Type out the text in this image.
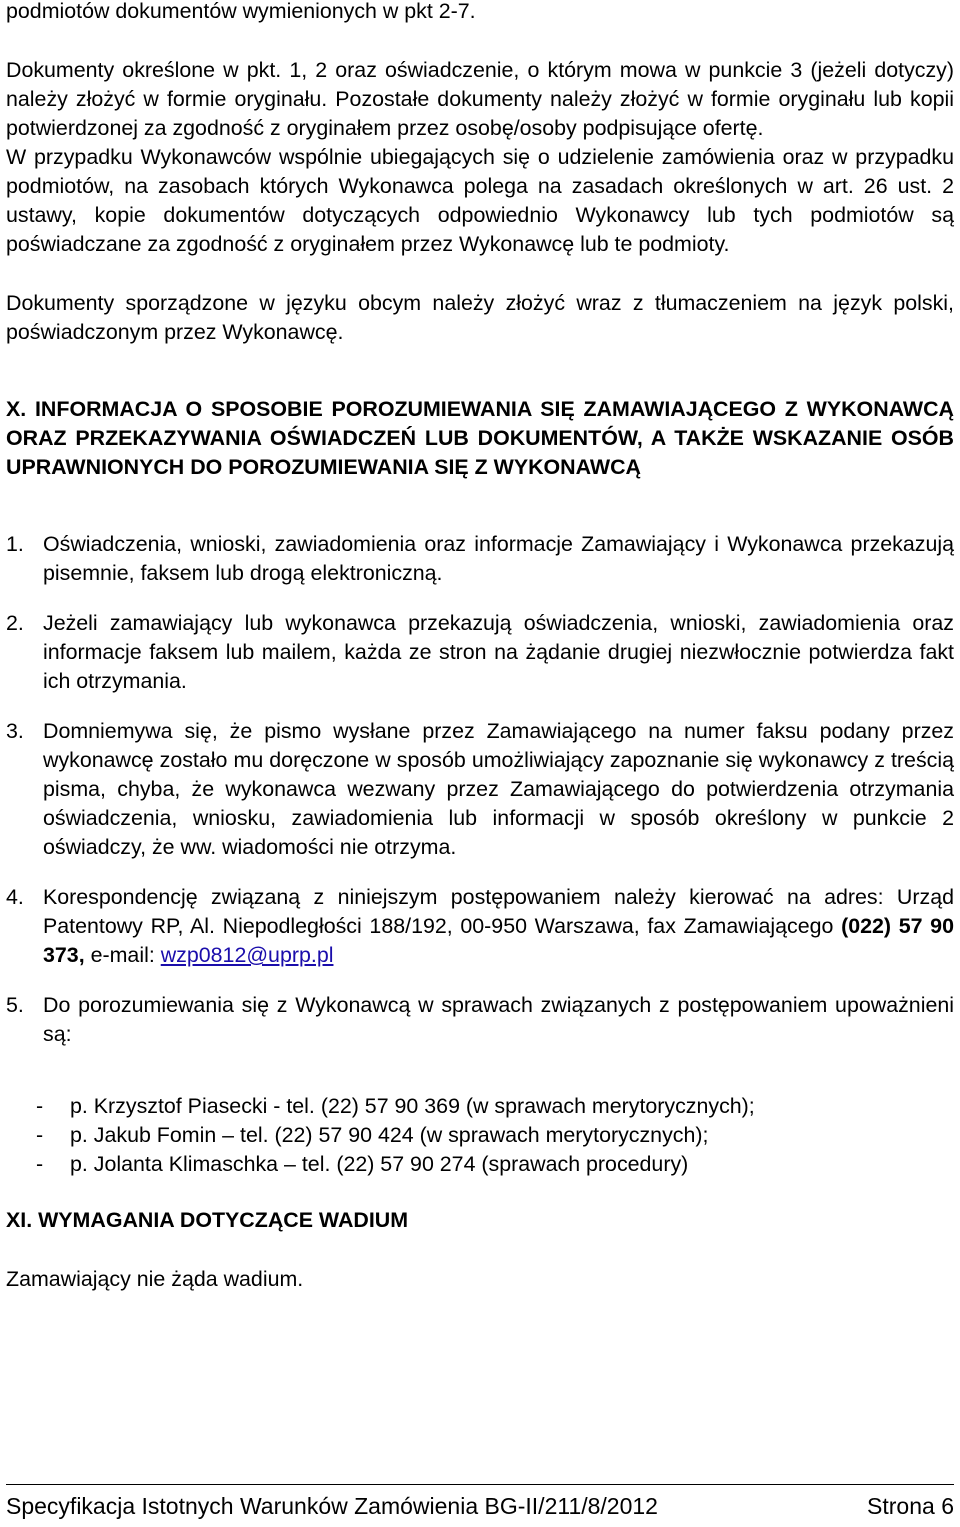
podmiotów dokumentów wymienionych w pkt 2-7.

Dokumenty określone w pkt. 1, 2 oraz oświadczenie, o którym mowa w punkcie 3 (jeżeli dotyczy) należy złożyć w formie oryginału. Pozostałe dokumenty należy złożyć w formie oryginału lub kopii potwierdzonej za zgodność z oryginałem przez osobę/osoby podpisujące ofertę.

W przypadku Wykonawców wspólnie ubiegających się o udzielenie zamówienia oraz w przypadku podmiotów, na zasobach których Wykonawca polega na zasadach określonych w art. 26 ust. 2 ustawy, kopie dokumentów dotyczących odpowiednio Wykonawcy lub tych podmiotów są poświadczane za zgodność z oryginałem przez Wykonawcę lub te podmioty.

Dokumenty sporządzone w języku obcym należy złożyć wraz z tłumaczeniem na język polski, poświadczonym przez Wykonawcę.

X. INFORMACJA O SPOSOBIE POROZUMIEWANIA SIĘ ZAMAWIAJĄCEGO Z WYKONAWCĄ ORAZ PRZEKAZYWANIA OŚWIADCZEŃ LUB DOKUMENTÓW, A TAKŻE WSKAZANIE OSÓB UPRAWNIONYCH DO POROZUMIEWANIA SIĘ Z WYKONAWCĄ

1. Oświadczenia, wnioski, zawiadomienia oraz informacje Zamawiający i Wykonawca przekazują pisemnie, faksem lub drogą elektroniczną.
2. Jeżeli zamawiający lub wykonawca przekazują oświadczenia, wnioski, zawiadomienia oraz informacje faksem lub mailem, każda ze stron na żądanie drugiej niezwłocznie potwierdza fakt ich otrzymania.
3. Domniemywa się, że pismo wysłane przez Zamawiającego na numer faksu podany przez wykonawcę zostało mu doręczone w sposób umożliwiający zapoznanie się wykonawcy z treścią pisma, chyba, że wykonawca wezwany przez Zamawiającego do potwierdzenia otrzymania oświadczenia, wniosku, zawiadomienia lub informacji w sposób określony w punkcie 2 oświadczy, że ww. wiadomości nie otrzyma.
4. Korespondencję związaną z niniejszym postępowaniem należy kierować na adres: Urząd Patentowy RP, Al. Niepodległości 188/192, 00-950 Warszawa, fax Zamawiającego (022) 57 90 373, e-mail: wzp0812@uprp.pl
5. Do porozumiewania się z Wykonawcą w sprawach związanych z postępowaniem upoważnieni są:
-	p. Krzysztof Piasecki - tel. (22) 57 90 369 (w sprawach merytorycznych);
-	p. Jakub Fomin – tel. (22) 57 90 424 (w sprawach merytorycznych);
-	p. Jolanta Klimaschka – tel. (22) 57 90 274 (sprawach procedury)

XI. WYMAGANIA DOTYCZĄCE WADIUM

Zamawiający nie żąda wadium.

Specyfikacja Istotnych Warunków Zamówienia BG-II/211/8/2012	Strona 6
